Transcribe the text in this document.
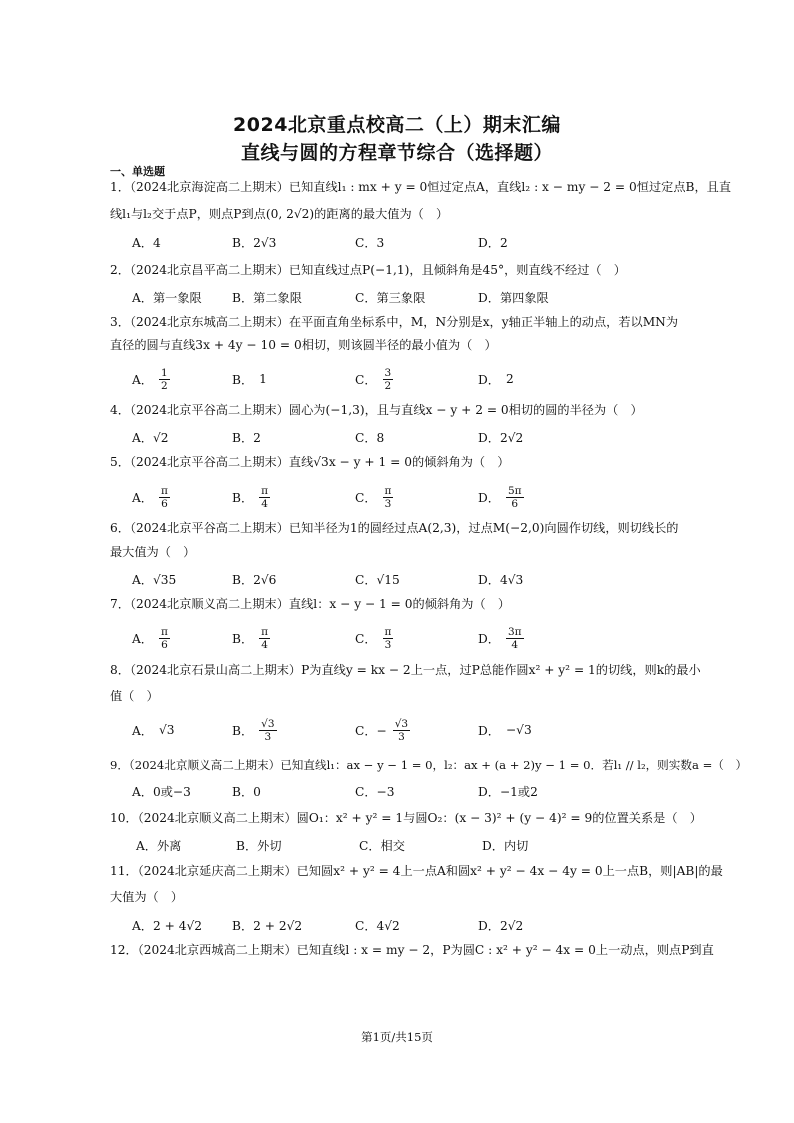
2024北京重点校高二（上）期末汇编
直线与圆的方程章节综合（选择题）
一、单选题
1．（2024北京海淀高二上期末）已知直线l₁ : mx + y = 0恒过定点A，直线l₂ : x − my − 2 = 0恒过定点B，且直
线l₁与l₂交于点P，则点P到点(0, 2√2)的距离的最大值为（　）
A．4	B．2√3	C．3	D．2
2．（2024北京昌平高二上期末）已知直线过点P(−1,1)，且倾斜角是45°，则直线不经过（　）
A．第一象限 B．第二象限	C．第三象限	D．第四象限
3．（2024北京东城高二上期末）在平面直角坐标系中，M，N分别是x，y轴正半轴上的动点，若以MN为
直径的圆与直线3x + 4y − 10 = 0相切，则该圆半径的最小值为（　）
A． $\frac{1}{2}$	B． 1	C． $\frac{3}{2}$	D． 2
4．（2024北京平谷高二上期末）圆心为(−1,3)，且与直线x − y + 2 = 0相切的圆的半径为（　）
A．√2	B．2	C．8	D．2√2
5．（2024北京平谷高二上期末）直线√3x − y + 1 = 0的倾斜角为（　）
A． $\frac{\pi}{6}$	B． $\frac{\pi}{4}$	C． $\frac{\pi}{3}$	D． $\frac{5\pi}{6}$
6．（2024北京平谷高二上期末）已知半径为1的圆经过点A(2,3)，过点M(−2,0)向圆作切线，则切线长的
最大值为（　）
A．√35	B．2√6	C．√15	D．4√3
7．（2024北京顺义高二上期末）直线l：x − y − 1 = 0的倾斜角为（　）
A． $\frac{\pi}{6}$	B． $\frac{\pi}{4}$	C． $\frac{\pi}{3}$	D． $\frac{3\pi}{4}$
8．（2024北京石景山高二上期末）P为直线y = kx − 2上一点，过P总能作圆x² + y² = 1的切线，则k的最小
值（　）
A． √3	B． $\frac{√3}{3}$	C．− $\frac{√3}{3}$	D． −√3
9．（2024北京顺义高二上期末）已知直线l₁：ax − y − 1 = 0，l₂：ax + (a + 2)y − 1 = 0．若l₁ // l₂，则实数a =（　）
A．0或−3	B．0	C．−3	D．−1或2
10．（2024北京顺义高二上期末）圆O₁：x² + y² = 1与圆O₂：(x − 3)² + (y − 4)² = 9的位置关系是（　）
A．外离	B．外切	C．相交	D．内切
11．（2024北京延庆高二上期末）已知圆x² + y² = 4上一点A和圆x² + y² − 4x − 4y = 0上一点B，则|AB|的最
大值为（　）
A．2 + 4√2 B．2 + 2√2	C．4√2	D．2√2
12．（2024北京西城高二上期末）已知直线l : x = my − 2，P为圆C : x² + y² − 4x = 0上一动点，则点P到直
第1页/共15页
